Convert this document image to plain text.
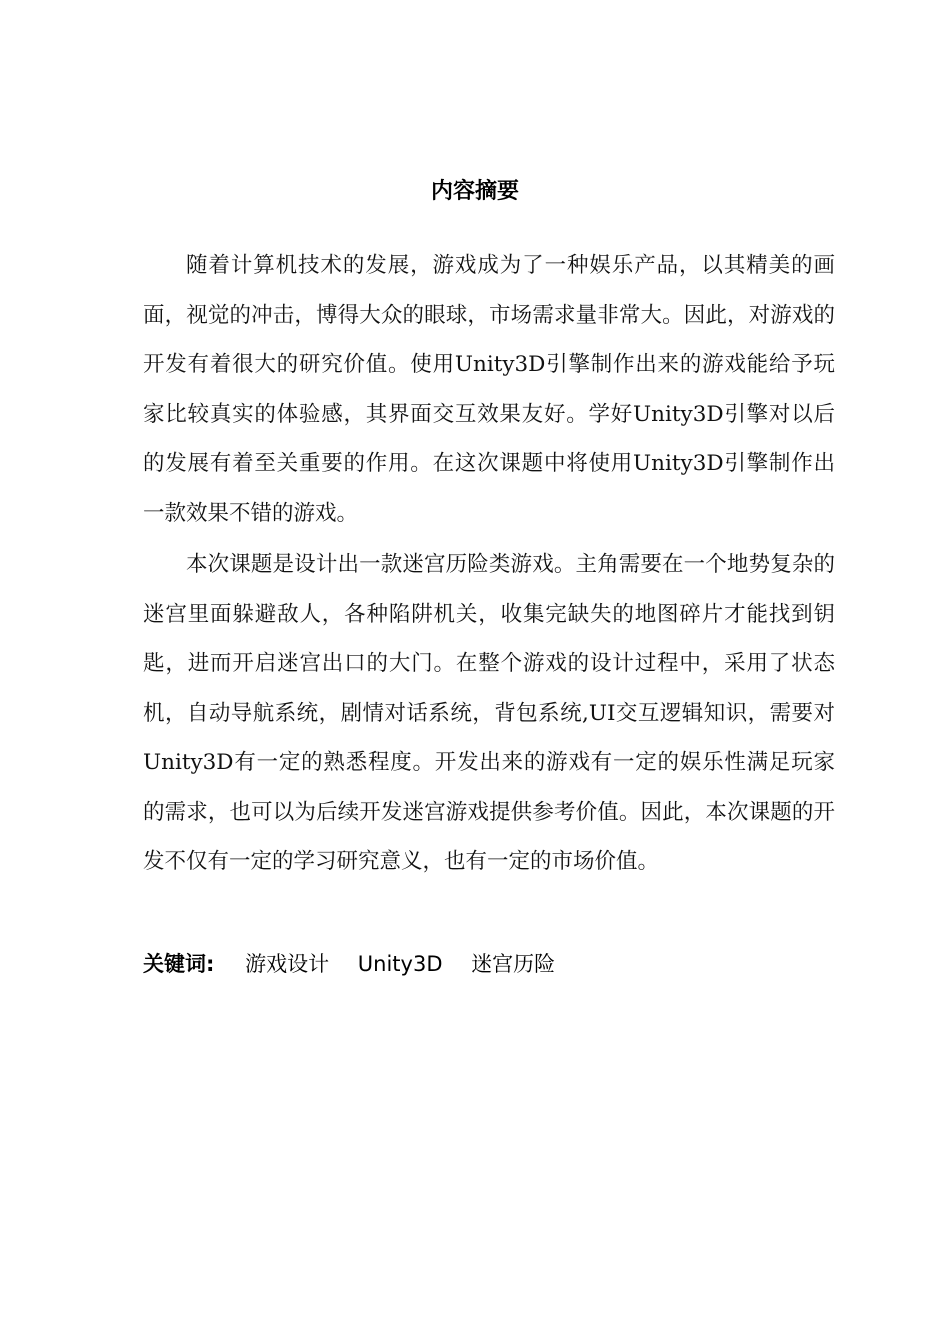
内容摘要

随着计算机技术的发展，游戏成为了一种娱乐产品，以其精美的画面，视觉的冲击，博得大众的眼球，市场需求量非常大。因此，对游戏的开发有着很大的研究价值。使用Unity3D引擎制作出来的游戏能给予玩家比较真实的体验感，其界面交互效果友好。学好Unity3D引擎对以后的发展有着至关重要的作用。在这次课题中将使用Unity3D引擎制作出一款效果不错的游戏。

本次课题是设计出一款迷宫历险类游戏。主角需要在一个地势复杂的迷宫里面躲避敌人，各种陷阱机关，收集完缺失的地图碎片才能找到钥匙，进而开启迷宫出口的大门。在整个游戏的设计过程中，采用了状态机，自动导航系统，剧情对话系统，背包系统,UI交互逻辑知识，需要对Unity3D有一定的熟悉程度。开发出来的游戏有一定的娱乐性满足玩家的需求，也可以为后续开发迷宫游戏提供参考价值。因此，本次课题的开发不仅有一定的学习研究意义，也有一定的市场价值。

关键词: 游戏设计 Unity3D 迷宫历险
